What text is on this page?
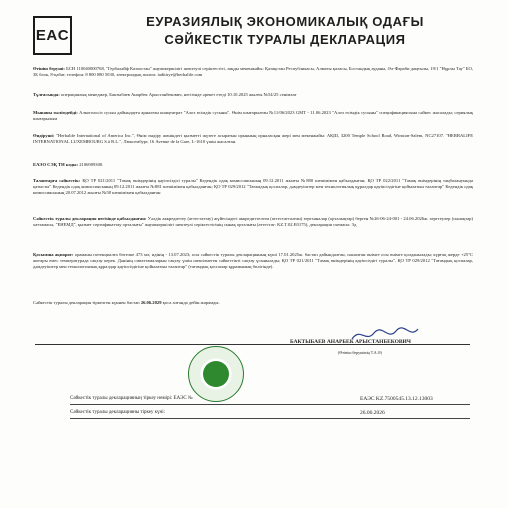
EAC
ЕУРАЗИЯЛЫҚ ЭКОНОМИКАЛЫҚ ОДАҒЫ
СӘЙКЕСТІК ТУРАЛЫ ДЕКЛАРАЦИЯ
Өтініш беруші: БСН 110040000768, "Гербалайф Казахстан" жауапкершілігі шектеулі серіктестігі, заңды мекенжайы: Қазақстан Республикасы, Алматы қаласы, Бостандық ауданы, Әл-Фараби даңғылы, 19/1 "Нұрлы Тау" БО, 3Б блок, 8-қабат, телефон: 8 800 080 5030, электрондық пошта: iaditirye@herbalife.com
Тұлғасында: операциялық менеджер, Бактыбаев Анарбек Арыстанбекович, негізінде әрекет етеді 10.10.2025 жылғы №54/25 сенімхат
Мынаны мәлімдейді: Алкогольсіз сусын дайындауға арналған концентрат "Алоэ өсімдік сусыны". Өнім шығарылған №11/06/2023 GMT - 11.06.2023 "Алоэ өсімдік сусыны" спецификациясына сәйкес жасалады; сериялық шығарылым
Өндіруші: "Herbalife International of America Inc.", Өнім өндіру жөніндегі қызметті жүзеге асыратын орынның орналасқан жері мен мекенжайы: АҚШ, 3200 Temple School Road, Winston-Salem, NC27107. "HERBALIFE INTERNATIONAL LUXEMBOURG S.à R.L.", Люксембург, 16 Avenue de la Gare, L-1610 үшін жасалған.
ЕАЭО СЭҚ ТН коды: 2106909300.
Талаптарға сәйкестік: ҚО ТР 021/2011 "Тамақ өнімдерінің қауіпсіздігі туралы" Кедендік одақ комиссиясының 09.12.2011 жылғы №880 шешімімен қабылданған; ҚО ТР 022/2011 "Тамақ өнімдерінің таңбалануында қатысты" Кедендік одақ комиссиясының 09.12.2011 жылғы №881 шешімімен қабылданған; ҚО ТР 029/2012 "Тағамдық қоспалар, дәмдеуіштер мен технологиялық құралдар қауіпсіздігіне қойылатын талаптар" Кедендік одақ комиссиясының 20.07.2012 жылғы №58 шешімімен қабылданған
Сәйкестік туралы декларация негізінде қабылданған: Уәлдік аккредиттеу (аттестаттау) жүйесіндегі аккредиттелген (аттестатталған) зертханалар (орталықтар) берген №26-06-24-001 - 24.06.2026ж. зерттеулер (сынақтар) хаттамасы, "ЕНЕМД", қызмет сертификаттау орталығы" жауапкершілігі шектеулі серіктестігінің сынақ орталығы (аттестат: KZ.T.02.E0175), декларация схемасы: 3д
Қосымша ақпарат: ораманы потенциалға бөтелке 473 мл; идінің - 13.07.2023; осы сәйкестік туралы декларацияның күші 17.01.2025ж. бастап дайындалған, сыналған өнімге осы өнімге қолданылады; күрғақ жерде +25°C жоғары емес температурада сақтау керек. Дәнінің сипаттамаларын сақтау үшін шешілмеген сәйкестікті сақтау ұсынылады; ҚО ТР 021/2011 "Тамақ өнімдерінің қауіпсіздігі туралы", ҚО ТР 029/2012 "Тағамдық қоспалар, дәмдеуіштер мен технологиялық құралдар қауіпсіздігіне қойылатын талаптар" (тағамдық қоспалар құрамының бөлігінде).
Сәйкестік туралы декларация тіркелген күннен бастап 26.06.2029 қоса алғанда дейін жарамды.
БАКТЫБАЕВ АНАРБЕК АРЫСТАНБЕКОВИЧ
(Өтініш берушінің Т.А.Ә)
Сәйкестік туралы декларацияның тіркеу нөмірі: ЕАЭС №	ЕАЭС KZ.7500545.13.12.13003
Сәйкестік туралы декларацияны тіркеу күні:	26.06.2026
